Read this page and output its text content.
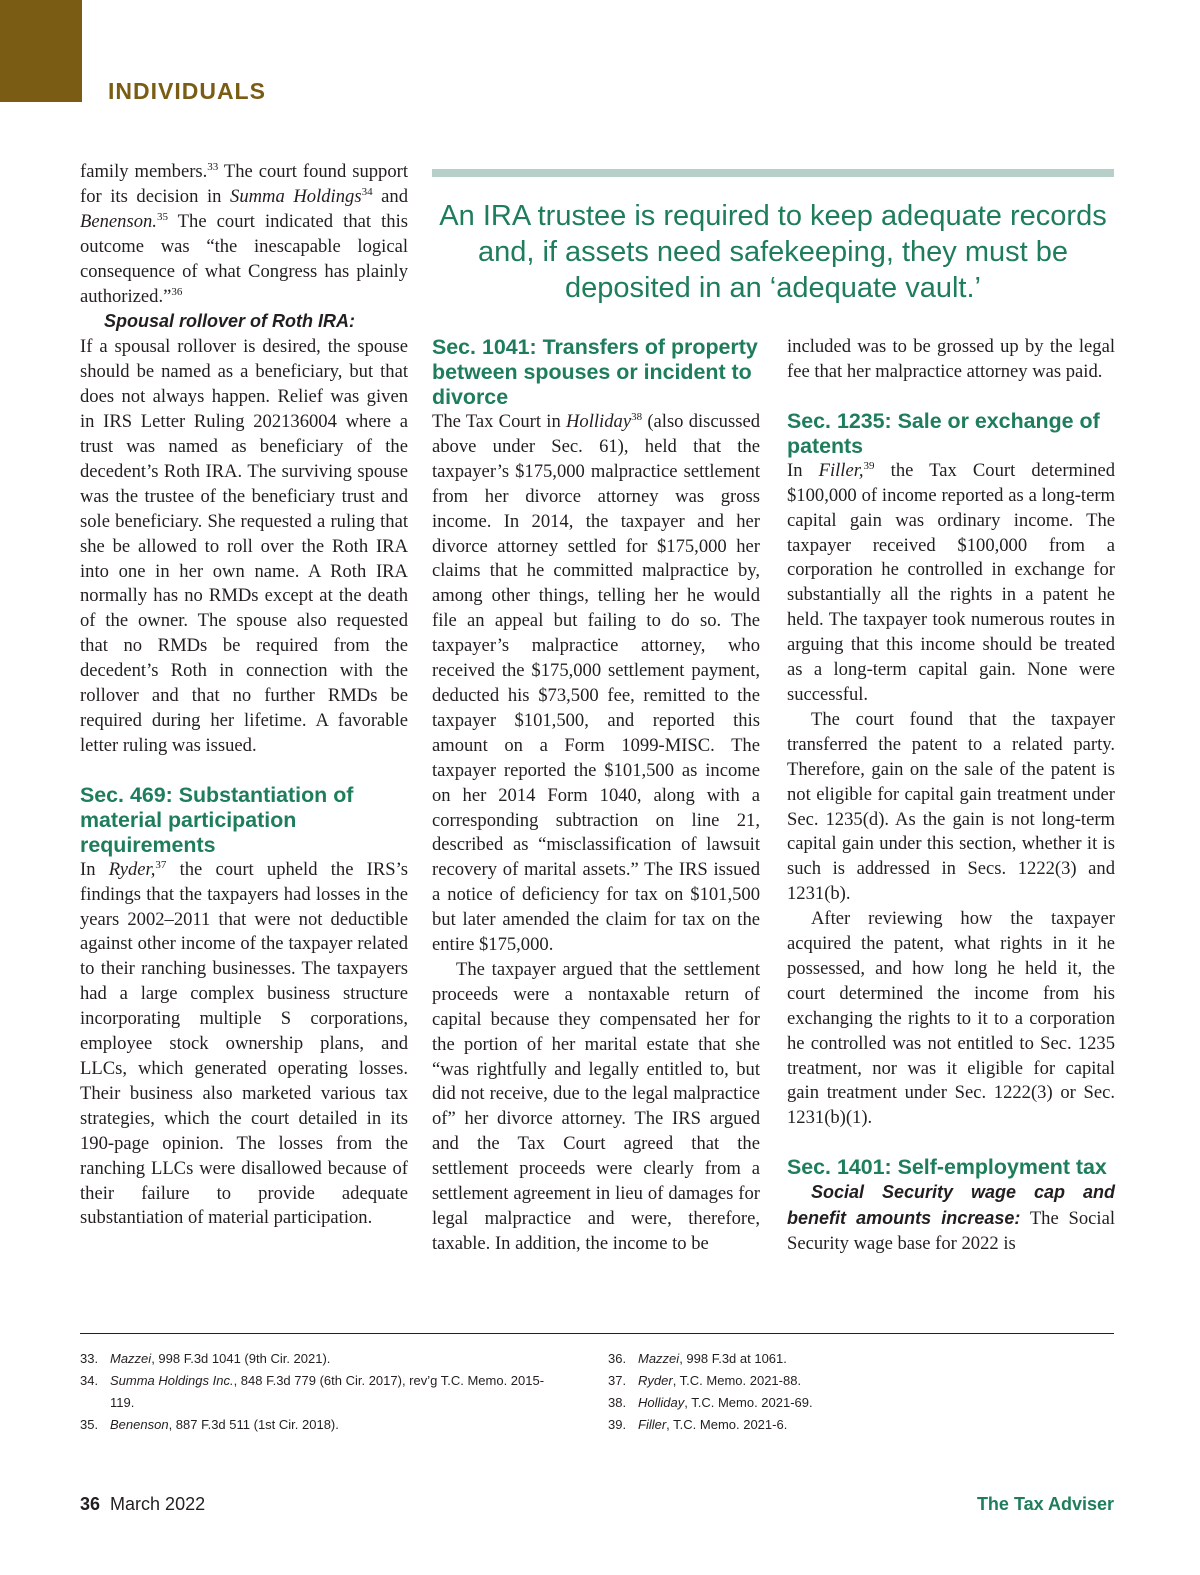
INDIVIDUALS

family members.$^{33}$ The court found support for its decision in Summa Holdings$^{34}$ and Benenson.$^{35}$ The court indicated that this outcome was “the inescapable logical consequence of what Congress has plainly authorized.”$^{36}$

Spousal rollover of Roth IRA:

If a spousal rollover is desired, the spouse should be named as a beneficiary, but that does not always happen. Relief was given in IRS Letter Ruling 202136004 where a trust was named as beneficiary of the decedent’s Roth IRA. The surviving spouse was the trustee of the beneficiary trust and sole beneficiary. She requested a ruling that she be allowed to roll over the Roth IRA into one in her own name. A Roth IRA normally has no RMDs except at the death of the owner. The spouse also requested that no RMDs be required from the decedent’s Roth in connection with the rollover and that no further RMDs be required during her lifetime. A favorable letter ruling was issued.

Sec. 469: Substantiation of material participation requirements

In Ryder,$^{37}$ the court upheld the IRS’s findings that the taxpayers had losses in the years 2002–2011 that were not deductible against other income of the taxpayer related to their ranching businesses. The taxpayers had a large complex business structure incorporating multiple S corporations, employee stock ownership plans, and LLCs, which generated operating losses. Their business also marketed various tax strategies, which the court detailed in its 190-page opinion. The losses from the ranching LLCs were disallowed because of their failure to provide adequate substantiation of material participation.

An IRA trustee is required to keep adequate records and, if assets need safekeeping, they must be deposited in an ‘adequate vault.’
Sec. 1041: Transfers of property between spouses or incident to divorce

The Tax Court in Holliday$^{38}$ (also discussed above under Sec. 61), held that the taxpayer’s $175,000 malpractice settlement from her divorce attorney was gross income. In 2014, the taxpayer and her divorce attorney settled for $175,000 her claims that he committed malpractice by, among other things, telling her he would file an appeal but failing to do so. The taxpayer’s malpractice attorney, who received the $175,000 settlement payment, deducted his $73,500 fee, remitted to the taxpayer $101,500, and reported this amount on a Form 1099-MISC. The taxpayer reported the $101,500 as income on her 2014 Form 1040, along with a corresponding subtraction on line 21, described as “misclassification of lawsuit recovery of marital assets.” The IRS issued a notice of deficiency for tax on $101,500 but later amended the claim for tax on the entire $175,000.

The taxpayer argued that the settlement proceeds were a nontaxable return of capital because they compensated her for the portion of her marital estate that she “was rightfully and legally entitled to, but did not receive, due to the legal malpractice of” her divorce attorney. The IRS argued and the Tax Court agreed that the settlement proceeds were clearly from a settlement agreement in lieu of damages for legal malpractice and were, therefore, taxable. In addition, the income to be

included was to be grossed up by the legal fee that her malpractice attorney was paid.

Sec. 1235: Sale or exchange of patents

In Filler,$^{39}$ the Tax Court determined $100,000 of income reported as a long-term capital gain was ordinary income. The taxpayer received $100,000 from a corporation he controlled in exchange for substantially all the rights in a patent he held. The taxpayer took numerous routes in arguing that this income should be treated as a long-term capital gain. None were successful.

The court found that the taxpayer transferred the patent to a related party. Therefore, gain on the sale of the patent is not eligible for capital gain treatment under Sec. 1235(d). As the gain is not long-term capital gain under this section, whether it is such is addressed in Secs. 1222(3) and 1231(b).

After reviewing how the taxpayer acquired the patent, what rights in it he possessed, and how long he held it, the court determined the income from his exchanging the rights to it to a corporation he controlled was not entitled to Sec. 1235 treatment, nor was it eligible for capital gain treatment under Sec. 1222(3) or Sec. 1231(b)(1).

Sec. 1401: Self-employment tax

Social Security wage cap and benefit amounts increase: The Social Security wage base for 2022 is

33. Mazzei, 998 F.3d 1041 (9th Cir. 2021).
34. Summa Holdings Inc., 848 F.3d 779 (6th Cir. 2017), rev’g T.C. Memo. 2015-119.
35. Benenson, 887 F.3d 511 (1st Cir. 2018).
36. Mazzei, 998 F.3d at 1061.
37. Ryder, T.C. Memo. 2021-88.
38. Holliday, T.C. Memo. 2021-69.
39. Filler, T.C. Memo. 2021-6.
36 March 2022	The Tax Adviser
